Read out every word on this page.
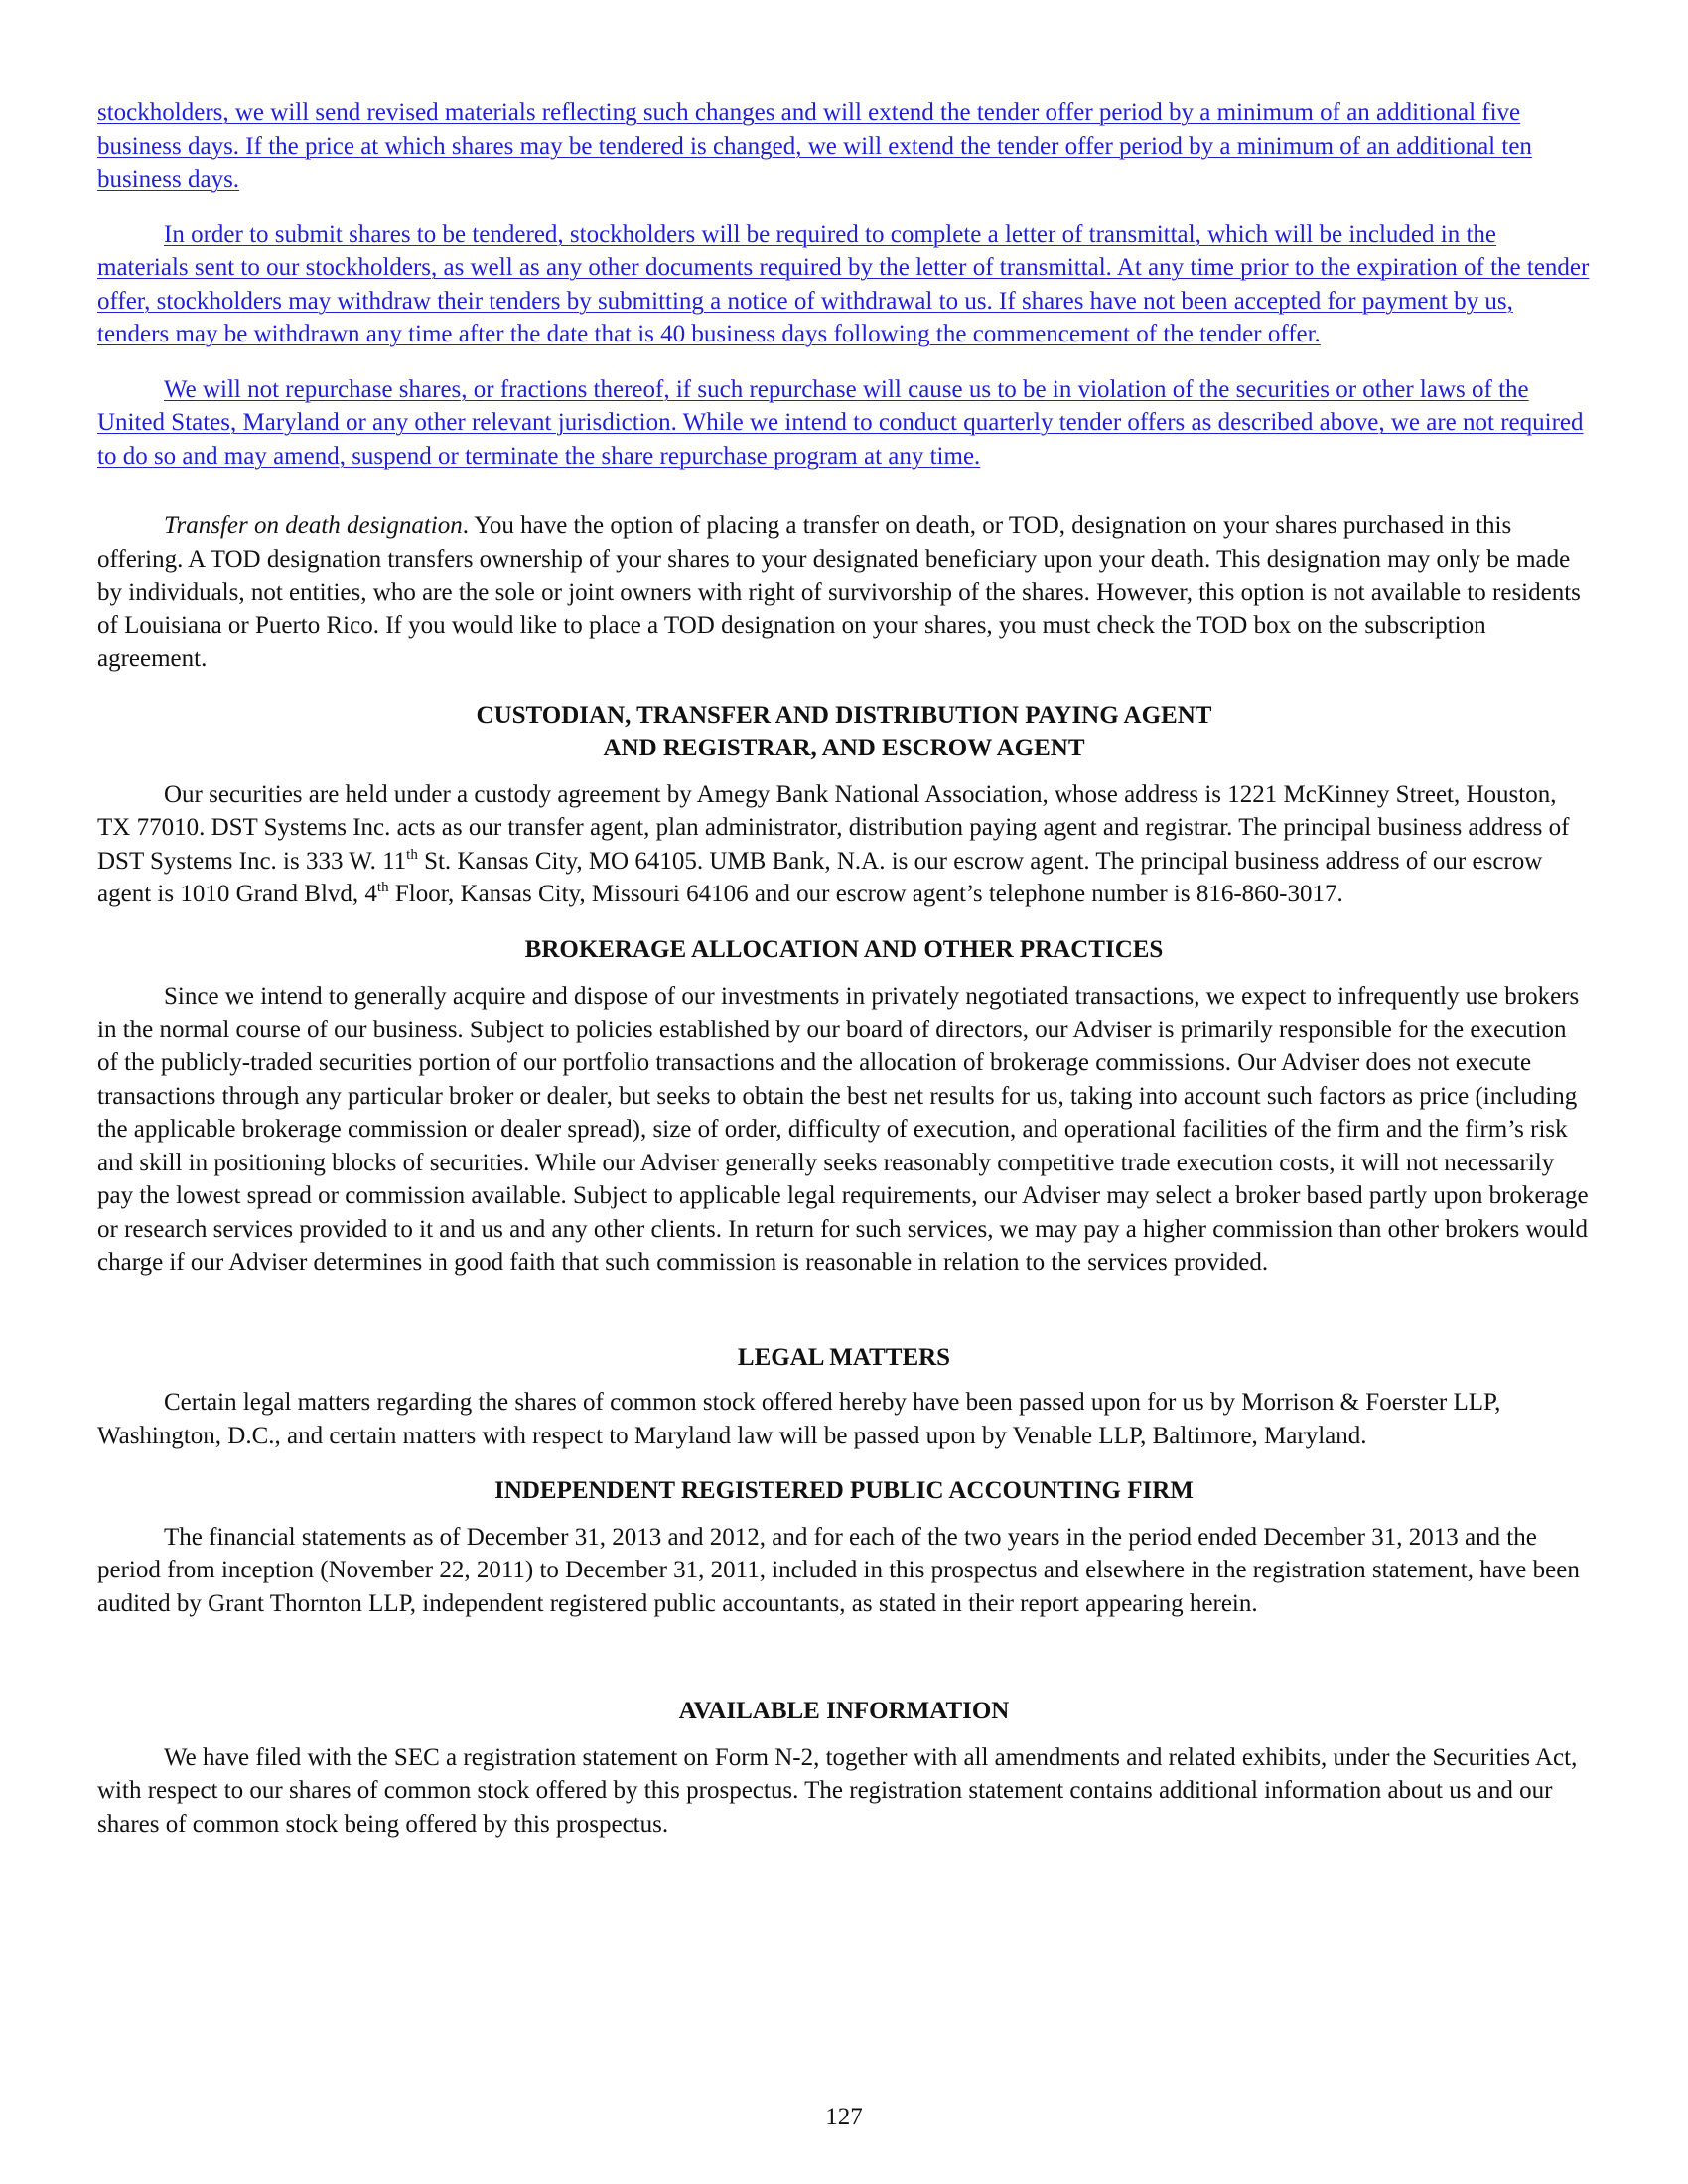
stockholders, we will send revised materials reflecting such changes and will extend the tender offer period by a minimum of an additional five business days. If the price at which shares may be tendered is changed, we will extend the tender offer period by a minimum of an additional ten business days.

In order to submit shares to be tendered, stockholders will be required to complete a letter of transmittal, which will be included in the materials sent to our stockholders, as well as any other documents required by the letter of transmittal. At any time prior to the expiration of the tender offer, stockholders may withdraw their tenders by submitting a notice of withdrawal to us. If shares have not been accepted for payment by us, tenders may be withdrawn any time after the date that is 40 business days following the commencement of the tender offer.

We will not repurchase shares, or fractions thereof, if such repurchase will cause us to be in violation of the securities or other laws of the United States, Maryland or any other relevant jurisdiction. While we intend to conduct quarterly tender offers as described above, we are not required to do so and may amend, suspend or terminate the share repurchase program at any time.

Transfer on death designation. You have the option of placing a transfer on death, or TOD, designation on your shares purchased in this offering. A TOD designation transfers ownership of your shares to your designated beneficiary upon your death. This designation may only be made by individuals, not entities, who are the sole or joint owners with right of survivorship of the shares. However, this option is not available to residents of Louisiana or Puerto Rico. If you would like to place a TOD designation on your shares, you must check the TOD box on the subscription agreement.

CUSTODIAN, TRANSFER AND DISTRIBUTION PAYING AGENT
AND REGISTRAR, AND ESCROW AGENT

Our securities are held under a custody agreement by Amegy Bank National Association, whose address is 1221 McKinney Street, Houston, TX 77010. DST Systems Inc. acts as our transfer agent, plan administrator, distribution paying agent and registrar. The principal business address of DST Systems Inc. is 333 W. 11th St. Kansas City, MO 64105. UMB Bank, N.A. is our escrow agent. The principal business address of our escrow agent is 1010 Grand Blvd, 4th Floor, Kansas City, Missouri 64106 and our escrow agent’s telephone number is 816-860-3017.

BROKERAGE ALLOCATION AND OTHER PRACTICES

Since we intend to generally acquire and dispose of our investments in privately negotiated transactions, we expect to infrequently use brokers in the normal course of our business. Subject to policies established by our board of directors, our Adviser is primarily responsible for the execution of the publicly-traded securities portion of our portfolio transactions and the allocation of brokerage commissions. Our Adviser does not execute transactions through any particular broker or dealer, but seeks to obtain the best net results for us, taking into account such factors as price (including the applicable brokerage commission or dealer spread), size of order, difficulty of execution, and operational facilities of the firm and the firm’s risk and skill in positioning blocks of securities. While our Adviser generally seeks reasonably competitive trade execution costs, it will not necessarily pay the lowest spread or commission available. Subject to applicable legal requirements, our Adviser may select a broker based partly upon brokerage or research services provided to it and us and any other clients. In return for such services, we may pay a higher commission than other brokers would charge if our Adviser determines in good faith that such commission is reasonable in relation to the services provided.

LEGAL MATTERS

Certain legal matters regarding the shares of common stock offered hereby have been passed upon for us by Morrison & Foerster LLP, Washington, D.C., and certain matters with respect to Maryland law will be passed upon by Venable LLP, Baltimore, Maryland.

INDEPENDENT REGISTERED PUBLIC ACCOUNTING FIRM

The financial statements as of December 31, 2013 and 2012, and for each of the two years in the period ended December 31, 2013 and the period from inception (November 22, 2011) to December 31, 2011, included in this prospectus and elsewhere in the registration statement, have been audited by Grant Thornton LLP, independent registered public accountants, as stated in their report appearing herein.

AVAILABLE INFORMATION

We have filed with the SEC a registration statement on Form N-2, together with all amendments and related exhibits, under the Securities Act, with respect to our shares of common stock offered by this prospectus. The registration statement contains additional information about us and our shares of common stock being offered by this prospectus.

127
